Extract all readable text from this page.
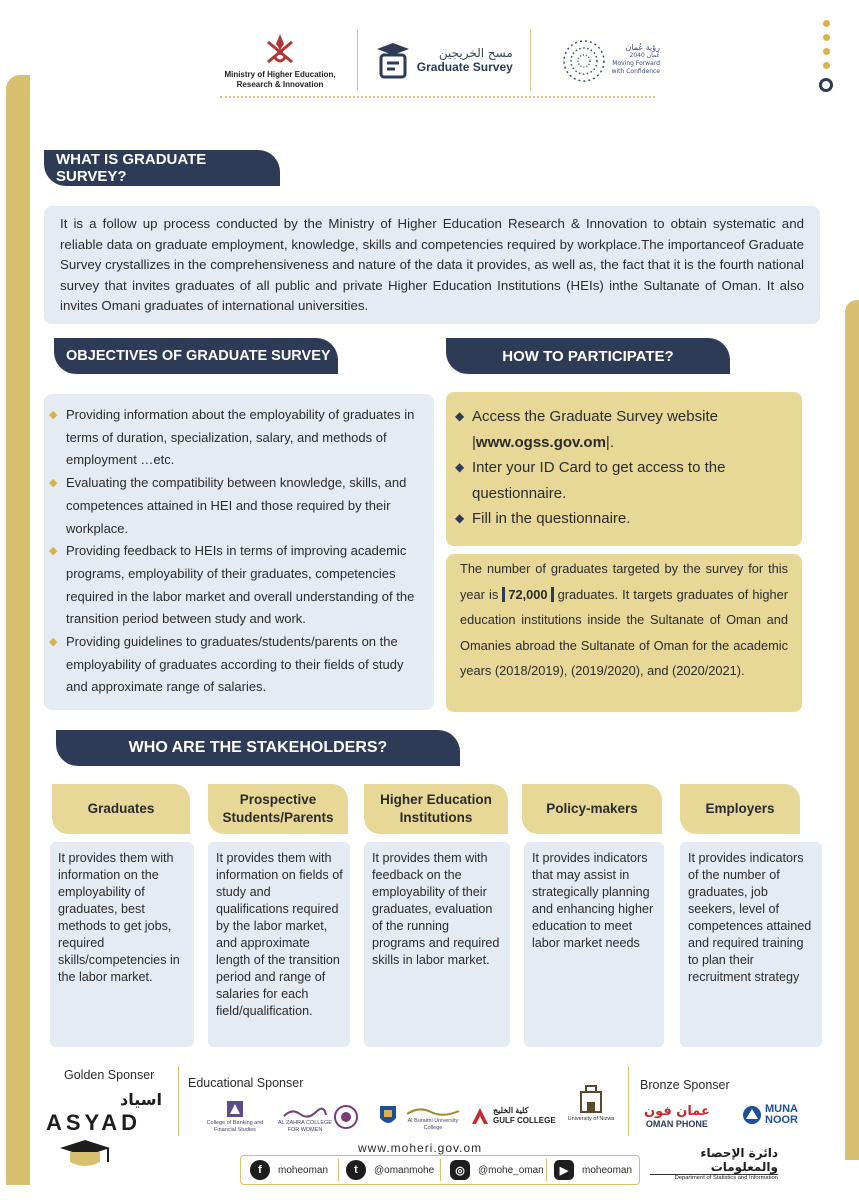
Ministry of Higher Education, Research & Innovation
مسح الخريجين
Graduate Survey
رؤية عُمان
عُمان 2040
Moving Forward
with Confidence
WHAT IS GRADUATE SURVEY?
It is a follow up process conducted by the Ministry of Higher Education Research & Innovation to obtain systematic and reliable data on graduate employment, knowledge, skills and competencies required by workplace.The importanceof Graduate Survey crystallizes in the comprehensiveness and nature of the data it provides, as well as, the fact that it is the fourth national survey that invites graduates of all public and private Higher Education Institutions (HEIs) inthe Sultanate of Oman. It also invites Omani graduates of international universities.
OBJECTIVES OF GRADUATE SURVEY
◆ Providing information about the employability of graduates in terms of duration, specialization, salary, and methods of employment …etc.
◆ Evaluating the compatibility between knowledge, skills, and competences attained in HEI and those required by their workplace.
◆ Providing feedback to HEIs in terms of improving academic programs, employability of their graduates, competencies required in the labor market and overall understanding of the transition period between study and work.
◆ Providing guidelines to graduates/students/parents on the employability of graduates according to their fields of study and approximate range of salaries.
HOW TO PARTICIPATE?
◆ Access the Graduate Survey website
|www.ogss.gov.om|.
◆ Inter your ID Card to get access to the questionnaire.
◆ Fill in the questionnaire.
The number of graduates targeted by the survey for this year is 72,000 graduates. It targets graduates of higher education institutions inside the Sultanate of Oman and Omanies abroad the Sultanate of Oman for the academic years (2018/2019), (2019/2020), and (2020/2021).
WHO ARE THE STAKEHOLDERS?
Graduates
Prospective Students/Parents
Higher Education Institutions
Policy-makers	Employers
It provides them with information on the employability of graduates, best methods to get jobs, required skills/competencies in the labor market.
It provides them with information on fields of study and qualifications required by the labor market, and approximate length of the transition period and range of salaries for each field/qualification.
It provides them with feedback on the employability of their graduates, evaluation of the running programs and required skills in labor market.
It provides indicators that may assist in strategically planning and enhancing higher education to meet labor market needs
It provides indicators of the number of graduates, job seekers, level of competences attained and required training to plan their recruitment strategy
Golden Sponser
Educational Sponser	Bronze Sponser
اسياد
ASYAD	College of Banking and Financial Studies
AL ZAHRA COLLEGE FOR WOMEN
Al Buraimi University College
كلية الخليج
GULF COLLEGE University of Nizwa عمان فون
OMAN PHONE
MUNA
NOOR
www.moheri.gov.om	دائرة الإحصاء والمعلومات
Department of Statistics and Information
f	moheoman	t	@omanmohe	◎	@mohe_oman	▶	moheoman
